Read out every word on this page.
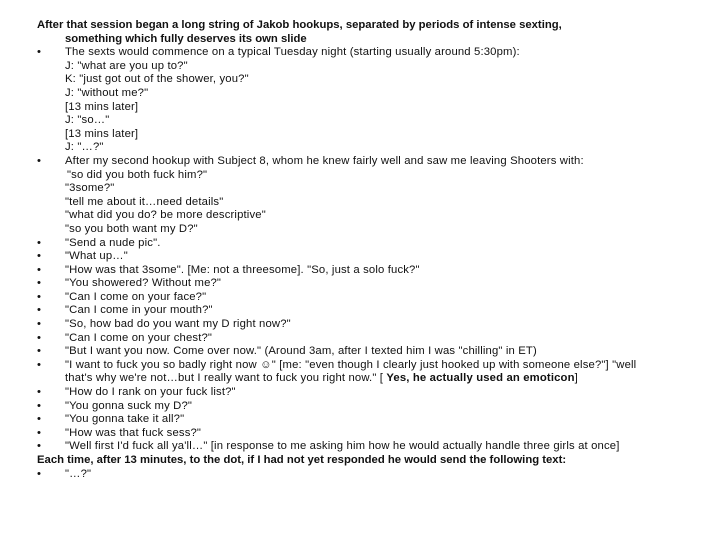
After that session began a long string of Jakob hookups, separated by periods of intense sexting,
something which fully deserves its own slide
•	The sexts would commence on a typical Tuesday night (starting usually around 5:30pm):
J: "what are you up to?"
K: "just got out of the shower, you?"
J: "without me?"
[13 mins later]
J: "so…"
[13 mins later]
J: "…?"
•	After my second hookup with Subject 8, whom he knew fairly well and saw me leaving Shooters with:
"so did you both fuck him?"
"3some?"
"tell me about it…need details"
"what did you do? be more descriptive"
"so you both want my D?"
•	"Send a nude pic".
•	"What up…"
•	"How was that 3some". [Me: not a threesome]. "So, just a solo fuck?"
•	"You showered? Without me?"
•	"Can I come on your face?"
•	"Can I come in your mouth?"
•	"So, how bad do you want my D right now?"
•	"Can I come on your chest?"
•	"But I want you now. Come over now." (Around 3am, after I texted him I was "chilling" in ET)
•	"I want to fuck you so badly right now ☺" [me: "even though I clearly just hooked up with someone else?"] "well
that's why we're not…but I really want to fuck you right now." [ Yes, he actually used an emoticon]
•	"How do I rank on your fuck list?"
•	"You gonna suck my D?"
•	"You gonna take it all?"
•	"How was that fuck sess?"
•	"Well first I'd fuck all ya'll…" [in response to me asking him how he would actually handle three girls at once]
Each time, after 13 minutes, to the dot, if I had not yet responded he would send the following text:
•	"…?"
